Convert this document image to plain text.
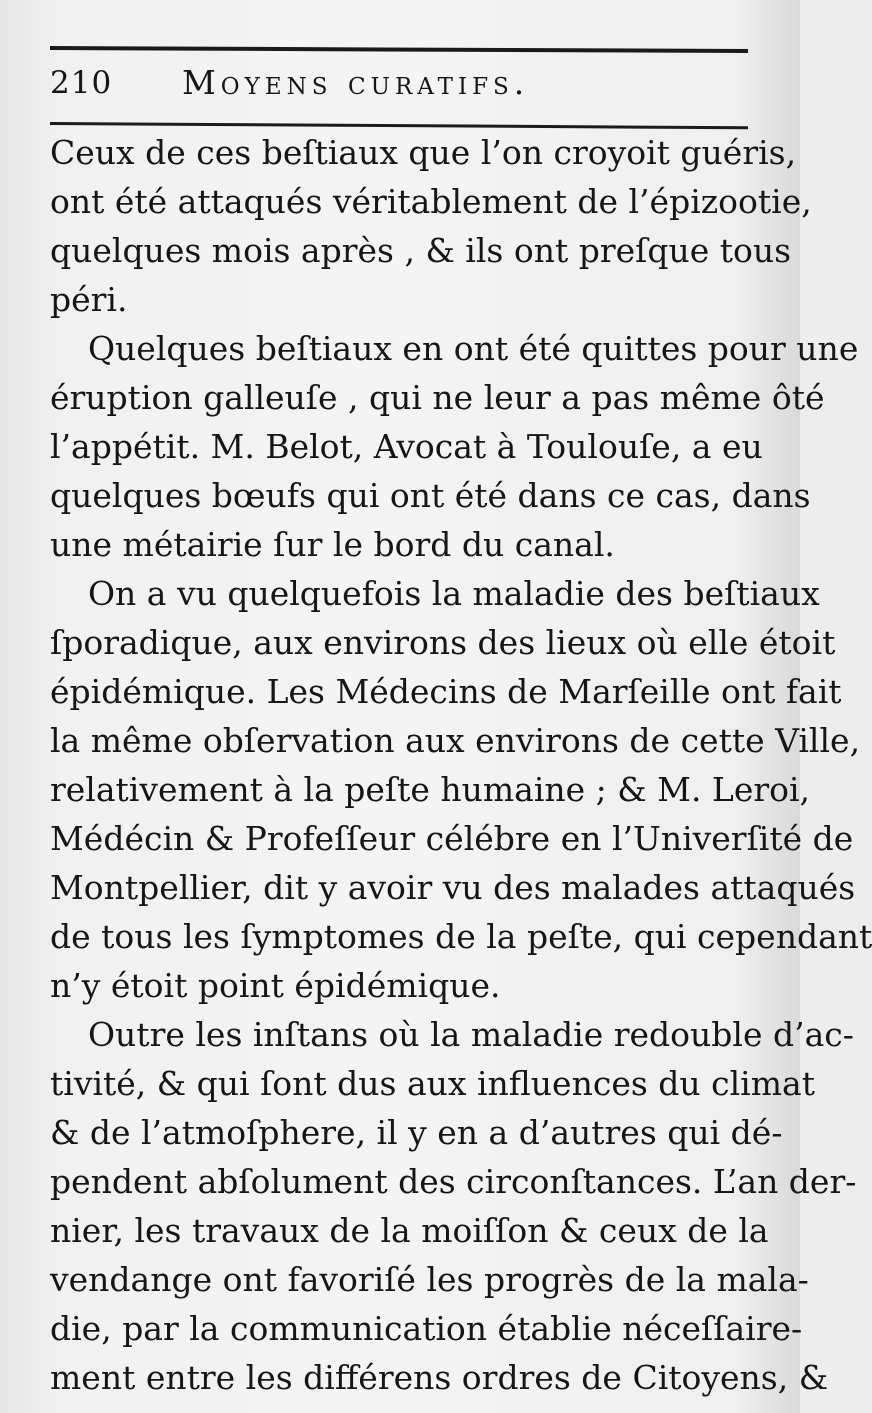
210 Moyens curatifs.
Ceux de ces beſtiaux que l’on croyoit guéris,
ont été attaqués véritablement de l’épizootie,
quelques mois après , & ils ont preſque tous
péri.
Quelques beſtiaux en ont été quittes pour une
éruption galleuſe , qui ne leur a pas même ôté
l’appétit. M. Belot, Avocat à Toulouſe, a eu
quelques bœufs qui ont été dans ce cas, dans
une métairie ſur le bord du canal.
On a vu quelquefois la maladie des beſtiaux
ſporadique, aux environs des lieux où elle étoit
épidémique. Les Médecins de Marſeille ont fait
la même obſervation aux environs de cette Ville,
relativement à la peſte humaine ; & M. Leroi,
Médécin & Profeſſeur célébre en l’Univerſité de
Montpellier, dit y avoir vu des malades attaqués
de tous les ſymptomes de la peſte, qui cependant
n’y étoit point épidémique.
Outre les inſtans où la maladie redouble d’ac-
tivité, & qui ſont dus aux influences du climat
& de l’atmoſphere, il y en a d’autres qui dé-
pendent abſolument des circonſtances. L’an der-
nier, les travaux de la moiſſon & ceux de la
vendange ont favoriſé les progrès de la mala-
die, par la communication établie néceſſaire-
ment entre les différens ordres de Citoyens, &
